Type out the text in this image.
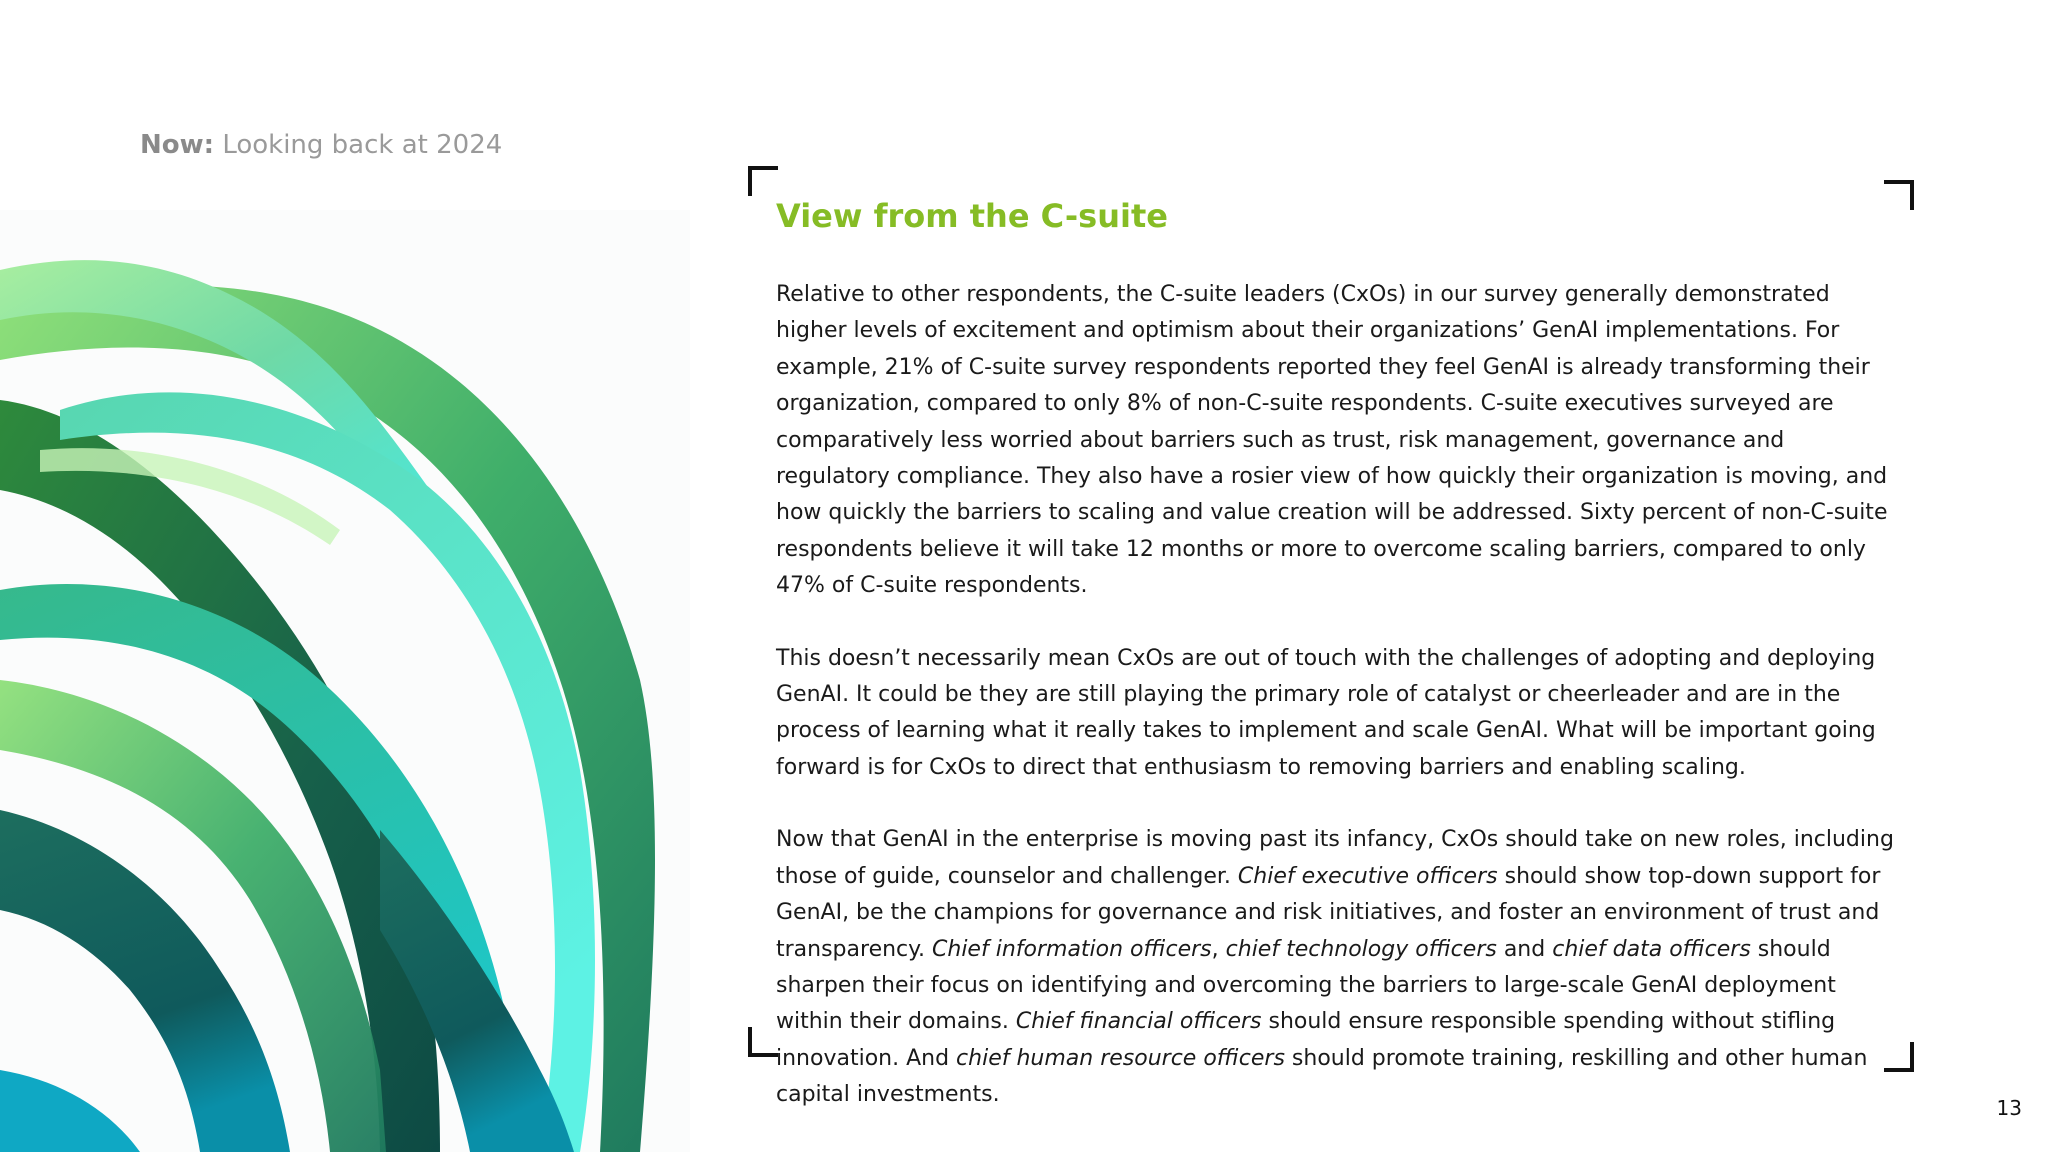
Now: Looking back at 2024
View from the C-suite

Relative to other respondents, the C-suite leaders (CxOs) in our survey generally demonstrated higher levels of excitement and optimism about their organizations’ GenAI implementations. For example, 21% of C-suite survey respondents reported they feel GenAI is already transforming their organization, compared to only 8% of non-C-suite respondents. C-suite executives surveyed are comparatively less worried about barriers such as trust, risk management, governance and regulatory compliance. They also have a rosier view of how quickly their organization is moving, and how quickly the barriers to scaling and value creation will be addressed. Sixty percent of non-C-suite respondents believe it will take 12 months or more to overcome scaling barriers, compared to only 47% of C-suite respondents.

This doesn’t necessarily mean CxOs are out of touch with the challenges of adopting and deploying GenAI. It could be they are still playing the primary role of catalyst or cheerleader and are in the process of learning what it really takes to implement and scale GenAI. What will be important going forward is for CxOs to direct that enthusiasm to removing barriers and enabling scaling.

Now that GenAI in the enterprise is moving past its infancy, CxOs should take on new roles, including those of guide, counselor and challenger. Chief executive officers should show top-down support for GenAI, be the champions for governance and risk initiatives, and foster an environment of trust and transparency. Chief information officers, chief technology officers and chief data officers should sharpen their focus on identifying and overcoming the barriers to large-scale GenAI deployment within their domains. Chief financial officers should ensure responsible spending without stifling innovation. And chief human resource officers should promote training, reskilling and other human capital investments.

13
